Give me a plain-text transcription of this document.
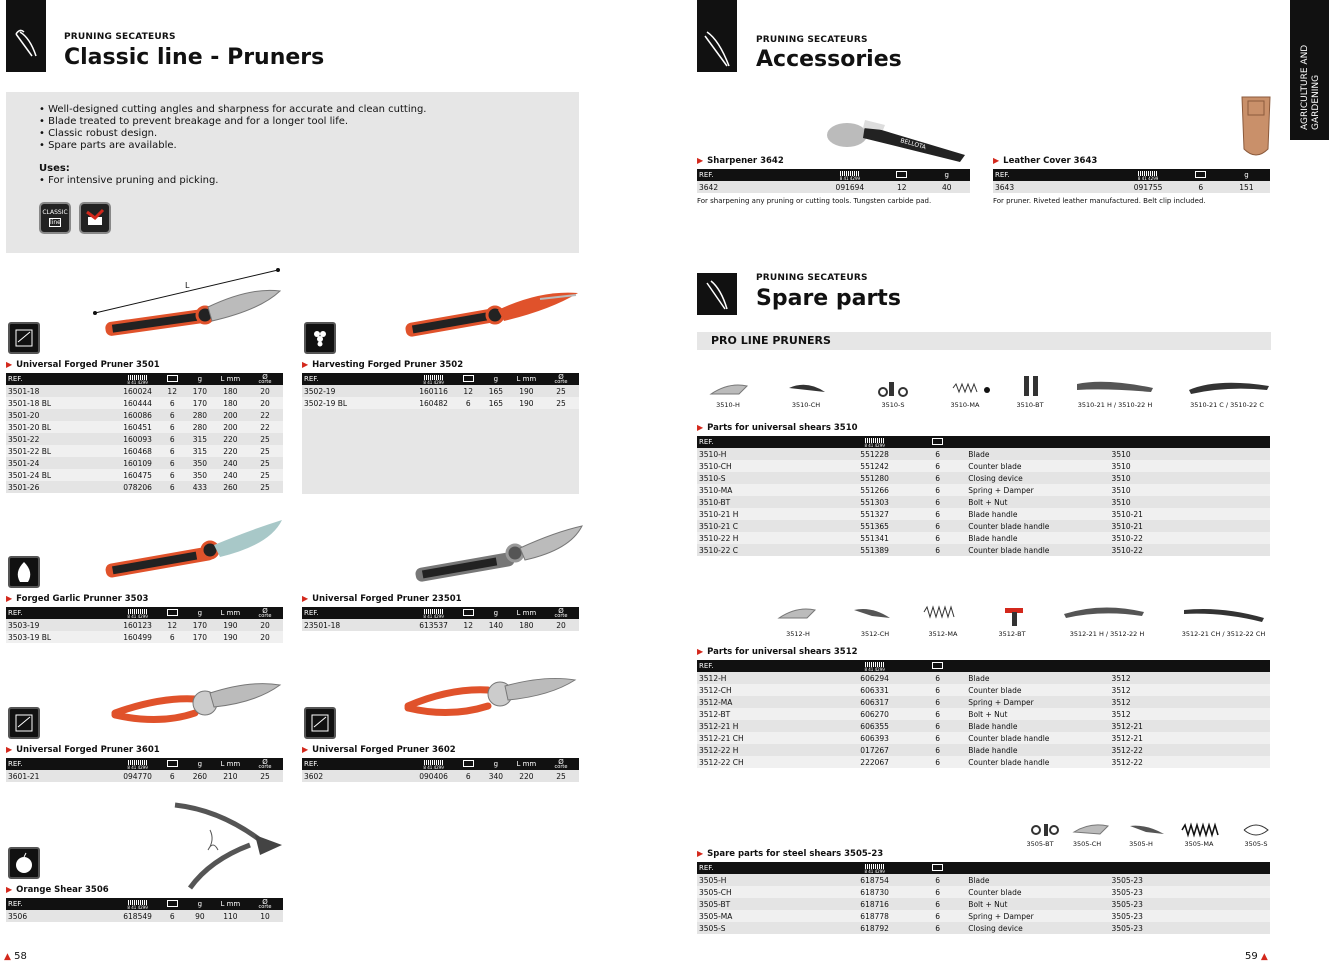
PRUNING SECATEURS
Classic line - Pruners
• Well-designed cutting angles and sharpness for accurate and clean cutting.
• Blade treated to prevent breakage and for a longer tool life.
• Classic robust design.
• Spare parts are available.
Uses:
• For intensive pruning and picking.
CLASSIC
line
L
▶ Universal Forged Pruner 3501
REF.	8 41 4299		g	L mm	Ø
corte

3501-18	160024	12	170	180	20
3501-18 BL	160444	6	170	180	20
3501-20	160086	6	280	200	22
3501-20 BL	160451	6	280	200	22
3501-22	160093	6	315	220	25
3501-22 BL	160468	6	315	220	25
3501-24	160109	6	350	240	25
3501-24 BL	160475	6	350	240	25
3501-26	078206	6	433	260	25
▶ Harvesting Forged Pruner 3502
REF.	8 41 4299		g	L mm	Ø
corte

3502-19	160116	12	165	190	25
3502-19 BL	160482	6	165	190	25
▶ Forged Garlic Prunner 3503
REF.	8 41 4299		g	L mm	Ø
corte

3503-19	160123	12	170	190	20
3503-19 BL	160499	6	170	190	20
▶ Universal Forged Pruner 23501
REF.	8 41 4299		g	L mm	Ø
corte

23501-18	613537	12	140	180	20
▶ Universal Forged Pruner 3601
REF.	8 41 4299		g	L mm	Ø
corte

3601-21	094770	6	260	210	25
▶ Universal Forged Pruner 3602
REF.	8 41 4299		g	L mm	Ø
corte

3602	090406	6	340	220	25
▶ Orange Shear 3506
REF.	8 41 4299		g	L mm	Ø
corte

3506	618549	6	90	110	10
▲ 58
PRUNING SECATEURS
Accessories	AGRICULTURE AND GARDENING
BELLOTA
▶ Sharpener 3642
REF.	8 41 4299		g
3642	091694	12	40
For sharpening any pruning or cutting tools. Tungsten carbide pad.
▶ Leather Cover 3643
REF.	8 41 4299		g
3643	091755	6	151
For pruner. Riveted leather manufactured. Belt clip included.
PRUNING SECATEURS
Spare parts
PRO LINE PRUNERS
3510-H	3510-CH	3510-S	3510-MA	3510-BT	3510-21 H / 3510-22 H	3510-21 C / 3510-22 C
▶ Parts for universal shears 3510
REF.	8 41 4299			

3510-H	551228	6	Blade	3510
3510-CH	551242	6	Counter blade	3510
3510-S	551280	6	Closing device	3510
3510-MA	551266	6	Spring + Damper	3510
3510-BT	551303	6	Bolt + Nut	3510
3510-21 H	551327	6	Blade handle	3510-21
3510-21 C	551365	6	Counter blade handle	3510-21
3510-22 H	551341	6	Blade handle	3510-22
3510-22 C	551389	6	Counter blade handle	3510-22
3512-H	3512-CH	3512-MA	3512-BT	3512-21 H / 3512-22 H	3512-21 CH / 3512-22 CH
▶ Parts for universal shears 3512
REF.	8 41 4299			

3512-H	606294	6	Blade	3512
3512-CH	606331	6	Counter blade	3512
3512-MA	606317	6	Spring + Damper	3512
3512-BT	606270	6	Bolt + Nut	3512
3512-21 H	606355	6	Blade handle	3512-21
3512-21 CH	606393	6	Counter blade handle	3512-21
3512-22 H	017267	6	Blade handle	3512-22
3512-22 CH	222067	6	Counter blade handle	3512-22
3505-BT	3505-CH	3505-H	3505-MA	3505-S
▶ Spare parts for steel shears 3505-23
REF.	8 41 4299			

3505-H	618754	6	Blade	3505-23
3505-CH	618730	6	Counter blade	3505-23
3505-BT	618716	6	Bolt + Nut	3505-23
3505-MA	618778	6	Spring + Damper	3505-23
3505-S	618792	6	Closing device	3505-23
59 ▲
